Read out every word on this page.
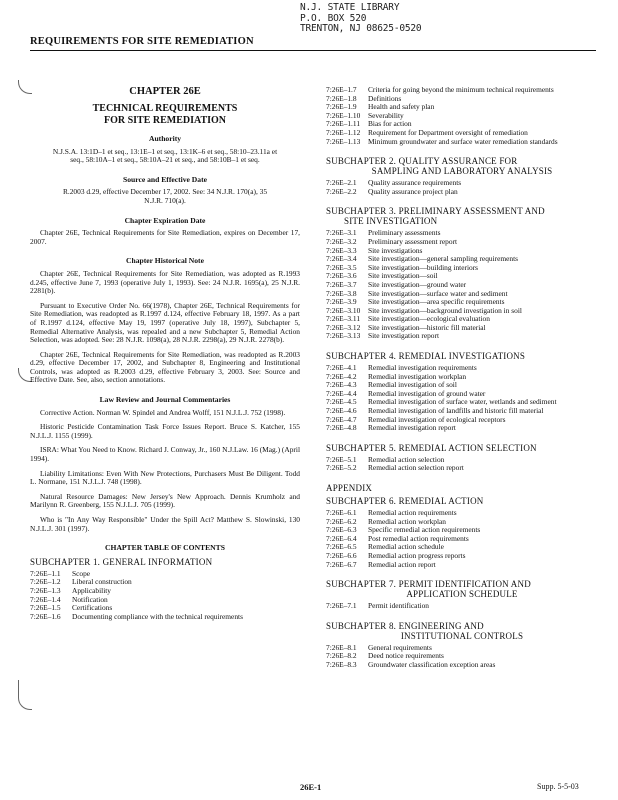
N.J. STATE LIBRARY
P.O. BOX 520
TRENTON, NJ 08625-0520
REQUIREMENTS FOR SITE REMEDIATION
CHAPTER 26E
TECHNICAL REQUIREMENTS
FOR SITE REMEDIATION
Authority
N.J.S.A. 13:1D–1 et seq., 13:1E–1 et seq., 13:1K–6 et seq., 58:10–23.11a et seq., 58:10A–1 et seq., 58:10A–21 et seq., and 58:10B–1 et seq.
Source and Effective Date
R.2003 d.29, effective December 17, 2002. See: 34 N.J.R. 170(a), 35 N.J.R. 710(a).
Chapter Expiration Date
Chapter 26E, Technical Requirements for Site Remediation, expires on December 17, 2007.
Chapter Historical Note
Chapter 26E, Technical Requirements for Site Remediation, was adopted as R.1993 d.245, effective June 7, 1993 (operative July 1, 1993). See: 24 N.J.R. 1695(a), 25 N.J.R. 2281(b).
Pursuant to Executive Order No. 66(1978), Chapter 26E, Technical Requirements for Site Remediation, was readopted as R.1997 d.124, effective February 18, 1997. As a part of R.1997 d.124, effective May 19, 1997 (operative July 18, 1997), Subchapter 5, Remedial Alternative Analysis, was repealed and a new Subchapter 5, Remedial Action Selection, was adopted. See: 28 N.J.R. 1098(a), 28 N.J.R. 2298(a), 29 N.J.R. 2278(b).
Chapter 26E, Technical Requirements for Site Remediation, was readopted as R.2003 d.29, effective December 17, 2002, and Subchapter 8, Engineering and Institutional Controls, was adopted as R.2003 d.29, effective February 3, 2003. See: Source and Effective Date. See, also, section annotations.
Law Review and Journal Commentaries
Corrective Action. Norman W. Spindel and Andrea Wolff, 151 N.J.L.J. 752 (1998).
Historic Pesticide Contamination Task Force Issues Report. Bruce S. Katcher, 155 N.J.L.J. 1155 (1999).
ISRA: What You Need to Know. Richard J. Conway, Jr., 160 N.J.Law. 16 (Mag.) (April 1994).
Liability Limitations: Even With New Protections, Purchasers Must Be Diligent. Todd L. Normane, 151 N.J.L.J. 748 (1998).
Natural Resource Damages: New Jersey's New Approach. Dennis Krumholz and Marilynn R. Greenberg, 155 N.J.L.J. 705 (1999).
Who is "In Any Way Responsible" Under the Spill Act? Matthew S. Slowinski, 130 N.J.L.J. 301 (1997).
CHAPTER TABLE OF CONTENTS
SUBCHAPTER 1. GENERAL INFORMATION
7:26E–1.1	Scope
7:26E–1.2	Liberal construction
7:26E–1.3	Applicability
7:26E–1.4	Notification
7:26E–1.5	Certifications
7:26E–1.6	Documenting compliance with the technical requirements
7:26E–1.7	Criteria for going beyond the minimum technical requirements
7:26E–1.8	Definitions
7:26E–1.9	Health and safety plan
7:26E–1.10	Severability
7:26E–1.11	Bias for action
7:26E–1.12	Requirement for Department oversight of remediation
7:26E–1.13	Minimum groundwater and surface water remediation standards
SUBCHAPTER 2. QUALITY ASSURANCE FOR
SAMPLING AND LABORATORY ANALYSIS
7:26E–2.1	Quality assurance requirements
7:26E–2.2	Quality assurance project plan
SUBCHAPTER 3. PRELIMINARY ASSESSMENT AND
SITE INVESTIGATION
7:26E–3.1	Preliminary assessments
7:26E–3.2	Preliminary assessment report
7:26E–3.3	Site investigations
7:26E–3.4	Site investigation—general sampling requirements
7:26E–3.5	Site investigation—building interiors
7:26E–3.6	Site investigation—soil
7:26E–3.7	Site investigation—ground water
7:26E–3.8	Site investigation—surface water and sediment
7:26E–3.9	Site investigation—area specific requirements
7:26E–3.10	Site investigation—background investigation in soil
7:26E–3.11	Site investigation—ecological evaluation
7:26E–3.12	Site investigation—historic fill material
7:26E–3.13	Site investigation report
SUBCHAPTER 4. REMEDIAL INVESTIGATIONS
7:26E–4.1	Remedial investigation requirements
7:26E–4.2	Remedial investigation workplan
7:26E–4.3	Remedial investigation of soil
7:26E–4.4	Remedial investigation of ground water
7:26E–4.5	Remedial investigation of surface water, wetlands and sediment
7:26E–4.6	Remedial investigation of landfills and historic fill material
7:26E–4.7	Remedial investigation of ecological receptors
7:26E–4.8	Remedial investigation report
SUBCHAPTER 5. REMEDIAL ACTION SELECTION
7:26E–5.1	Remedial action selection
7:26E–5.2	Remedial action selection report
APPENDIX
SUBCHAPTER 6. REMEDIAL ACTION
7:26E–6.1	Remedial action requirements
7:26E–6.2	Remedial action workplan
7:26E–6.3	Specific remedial action requirements
7:26E–6.4	Post remedial action requirements
7:26E–6.5	Remedial action schedule
7:26E–6.6	Remedial action progress reports
7:26E–6.7	Remedial action report
SUBCHAPTER 7. PERMIT IDENTIFICATION AND
APPLICATION SCHEDULE
7:26E–7.1	Permit identification
SUBCHAPTER 8. ENGINEERING AND
INSTITUTIONAL CONTROLS
7:26E–8.1	General requirements
7:26E–8.2	Deed notice requirements
7:26E–8.3	Groundwater classification exception areas
26E-1	Supp. 5-5-03
